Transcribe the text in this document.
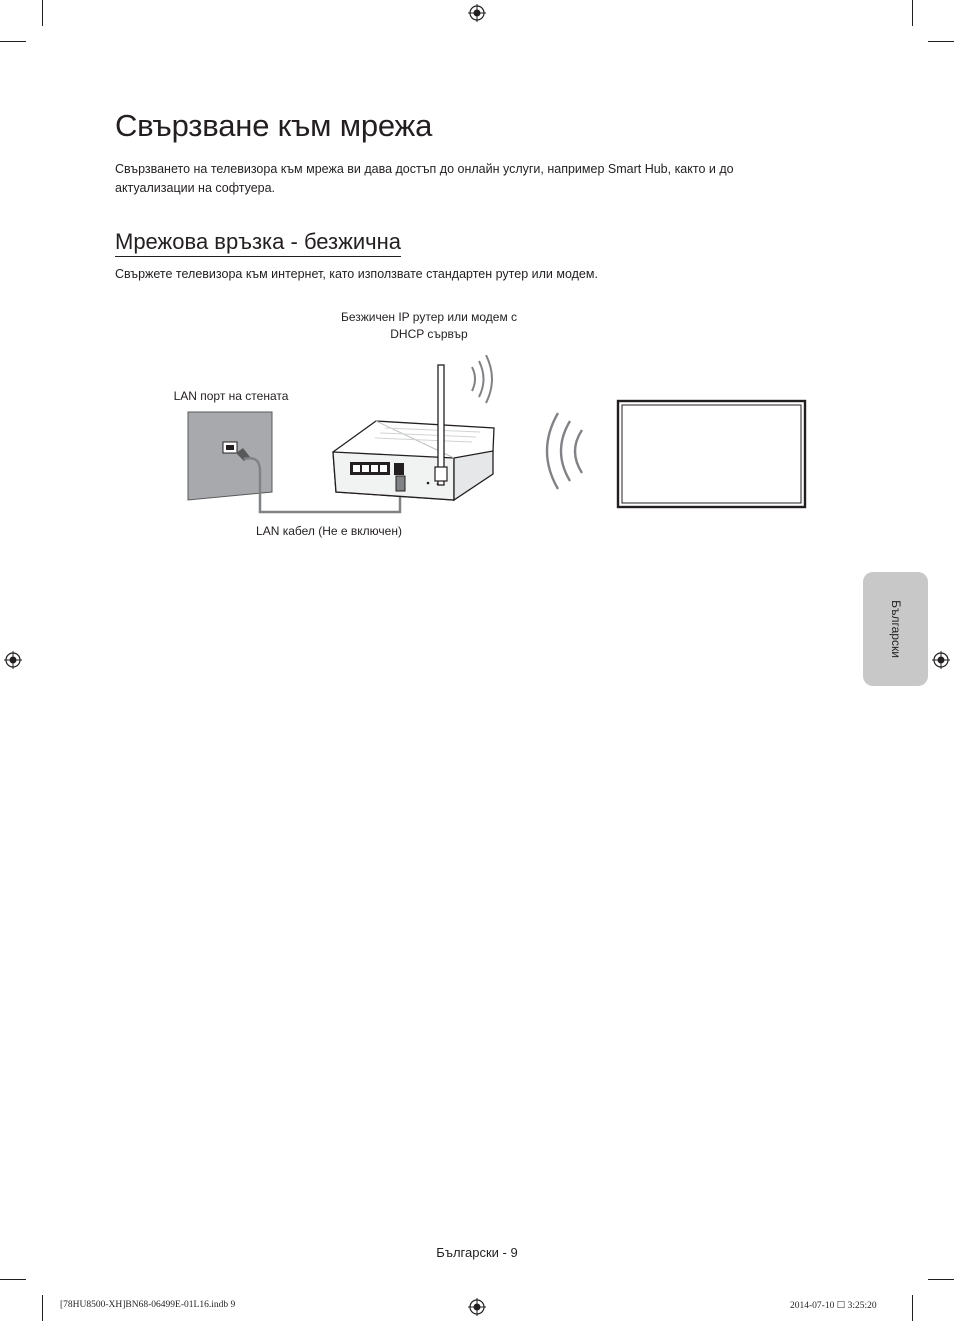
Свързване към мрежа

Свързването на телевизора към мрежа ви дава достъп до онлайн услуги, например Smart Hub, както и до актуализации на софтуера.

Мрежова връзка - безжична

Свържете телевизора към интернет, като използвате стандартен рутер или модем.

Безжичен IP рутер или модем с
DHCP сървър
LAN порт на стената
LAN кабел (Не е включен)
Български
Български - 9
[78HU8500-XH]BN68-06499E-01L16.indb 9	2014-07-10 ☐ 3:25:20
